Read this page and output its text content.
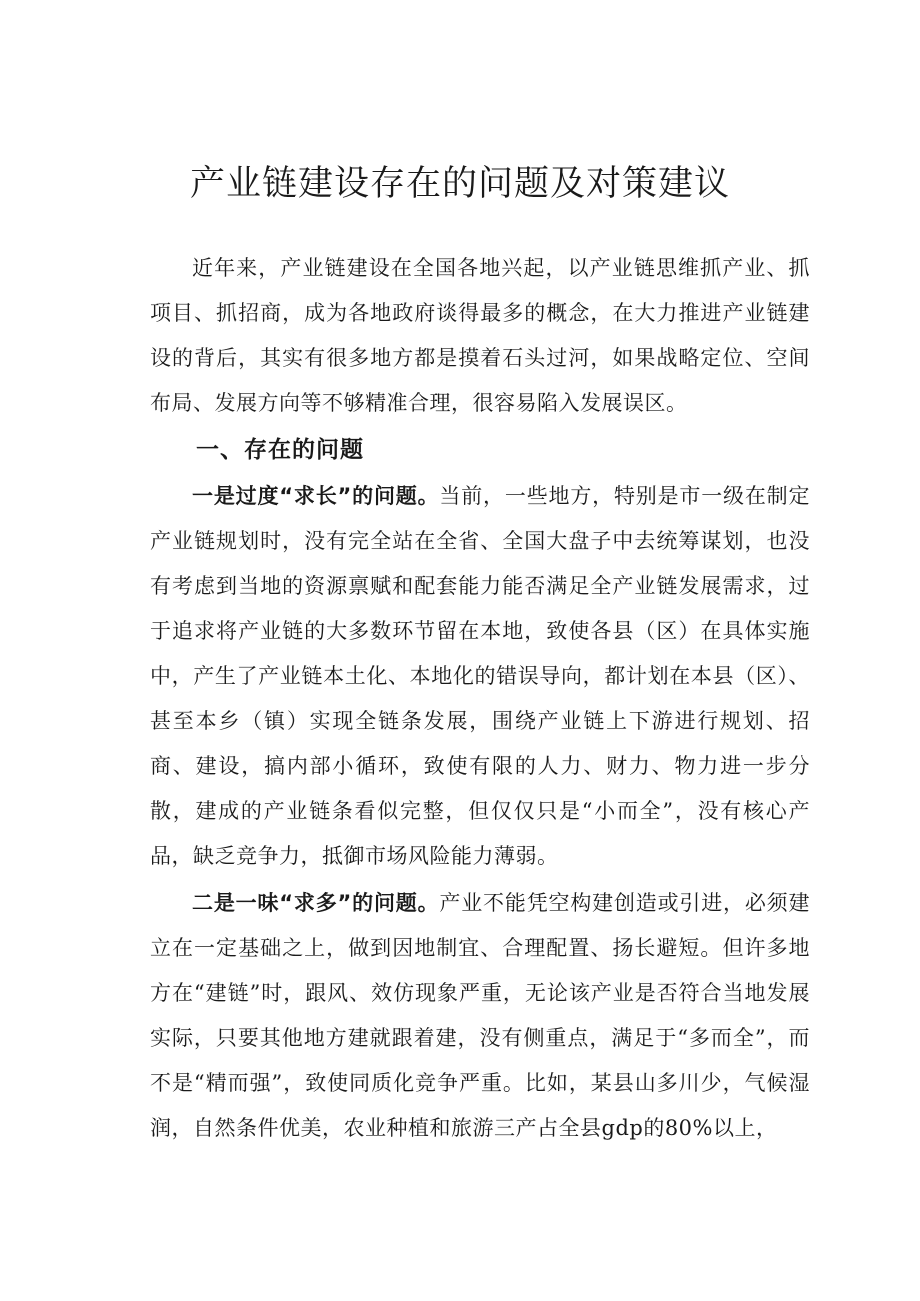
产业链建设存在的问题及对策建议

近年来，产业链建设在全国各地兴起，以产业链思维抓产业、抓项目、抓招商，成为各地政府谈得最多的概念，在大力推进产业链建设的背后，其实有很多地方都是摸着石头过河，如果战略定位、空间布局、发展方向等不够精准合理，很容易陷入发展误区。

一、存在的问题

一是过度“求长”的问题。当前，一些地方，特别是市一级在制定产业链规划时，没有完全站在全省、全国大盘子中去统筹谋划，也没有考虑到当地的资源禀赋和配套能力能否满足全产业链发展需求，过于追求将产业链的大多数环节留在本地，致使各县（区）在具体实施中，产生了产业链本土化、本地化的错误导向，都计划在本县（区）、甚至本乡（镇）实现全链条发展，围绕产业链上下游进行规划、招商、建设，搞内部小循环，致使有限的人力、财力、物力进一步分散，建成的产业链条看似完整，但仅仅只是“小而全”，没有核心产品，缺乏竞争力，抵御市场风险能力薄弱。

二是一味“求多”的问题。产业不能凭空构建创造或引进，必须建立在一定基础之上，做到因地制宜、合理配置、扬长避短。但许多地方在“建链”时，跟风、效仿现象严重，无论该产业是否符合当地发展实际，只要其他地方建就跟着建，没有侧重点，满足于“多而全”，而不是“精而强”，致使同质化竞争严重。比如，某县山多川少，气候湿润，自然条件优美，农业种植和旅游三产占全县gdp的80%以上，
